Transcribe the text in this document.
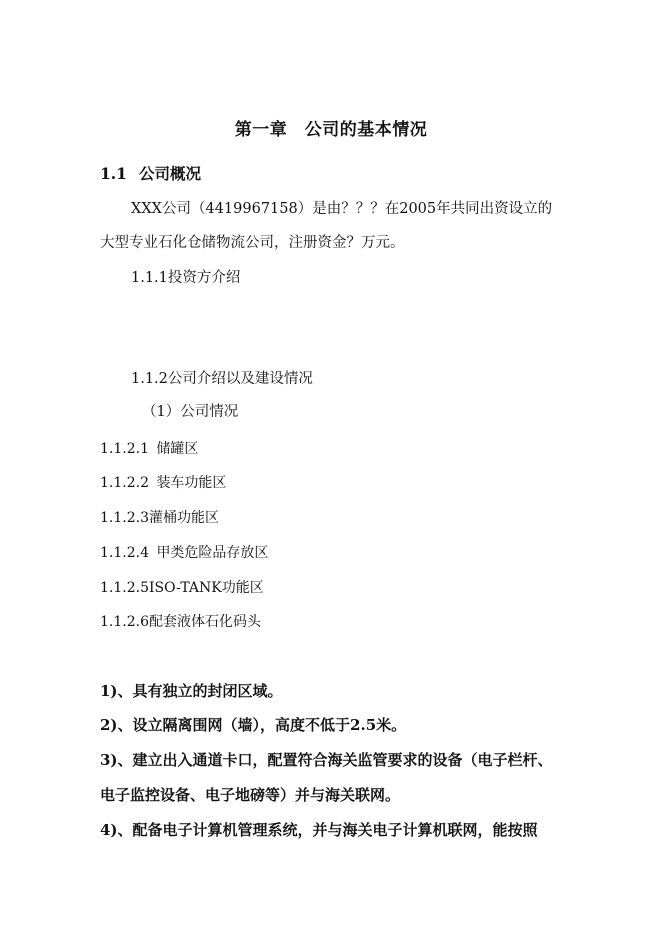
第一章　公司的基本情况
1.1 公司概况
XXX公司（4419967158）是由？？？在2005年共同出资设立的
大型专业石化仓储物流公司，注册资金？万元。
1.1.1投资方介绍
1.1.2公司介绍以及建设情况
（1）公司情况
1.1.2.1 储罐区
1.1.2.2 装车功能区
1.1.2.3灌桶功能区
1.1.2.4 甲类危险品存放区
1.1.2.5ISO-TANK功能区
1.1.2.6配套液体石化码头
1)、具有独立的封闭区域。
2)、设立隔离围网（墙），高度不低于2.5米。
3)、建立出入通道卡口，配置符合海关监管要求的设备（电子栏杆、
电子监控设备、电子地磅等）并与海关联网。
4)、配备电子计算机管理系统，并与海关电子计算机联网，能按照
